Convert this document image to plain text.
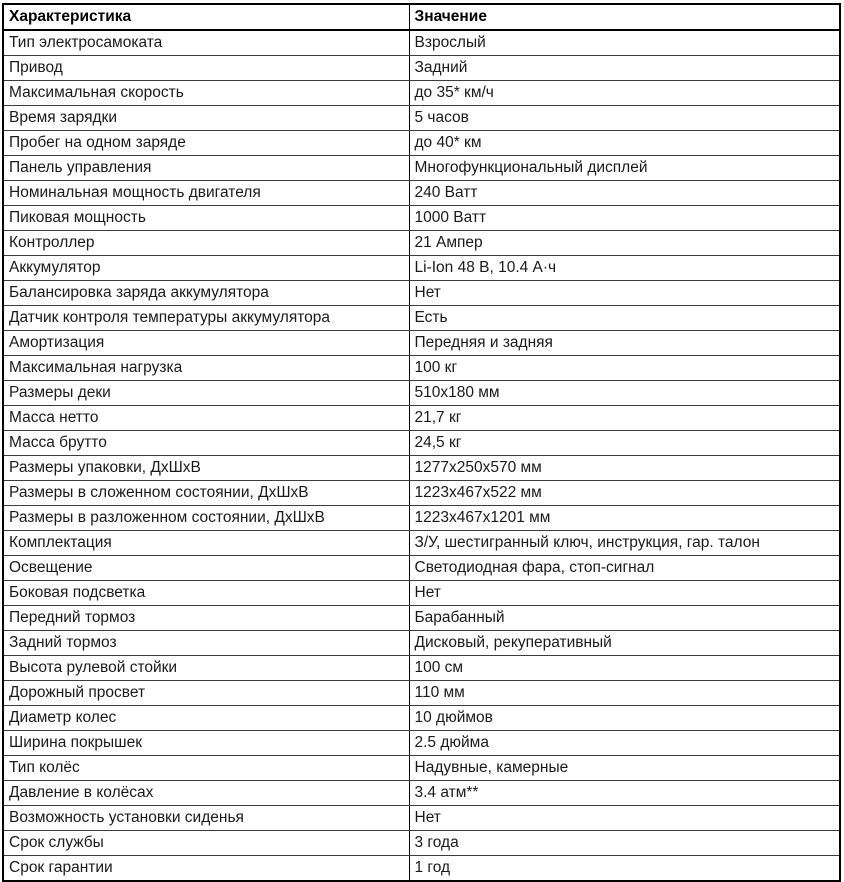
Характеристика	Значение
Тип электросамоката	Взрослый
Привод	Задний
Максимальная скорость	до 35* км/ч
Время зарядки	5 часов
Пробег на одном заряде	до 40* км
Панель управления	Многофункциональный дисплей
Номинальная мощность двигателя	240 Ватт
Пиковая мощность	1000 Ватт
Контроллер	21 Ампер
Аккумулятор	Li-Ion 48 В, 10.4 А·ч
Балансировка заряда аккумулятора	Нет
Датчик контроля температуры аккумулятора	Есть
Амортизация	Передняя и задняя
Максимальная нагрузка	100 кг
Размеры деки	510x180 мм
Масса нетто	21,7 кг
Масса брутто	24,5 кг
Размеры упаковки, ДхШхВ	1277x250x570 мм
Размеры в сложенном состоянии, ДхШхВ	1223x467x522 мм
Размеры в разложенном состоянии, ДхШхВ	1223x467x1201 мм
Комплектация	З/У, шестигранный ключ, инструкция, гар. талон
Освещение	Светодиодная фара, стоп-сигнал
Боковая подсветка	Нет
Передний тормоз	Барабанный
Задний тормоз	Дисковый, рекуперативный
Высота рулевой стойки	100 см
Дорожный просвет	110 мм
Диаметр колес	10 дюймов
Ширина покрышек	2.5 дюйма
Тип колёс	Надувные, камерные
Давление в колёсах	3.4 атм**
Возможность установки сиденья	Нет
Срок службы	3 года
Срок гарантии	1 год
